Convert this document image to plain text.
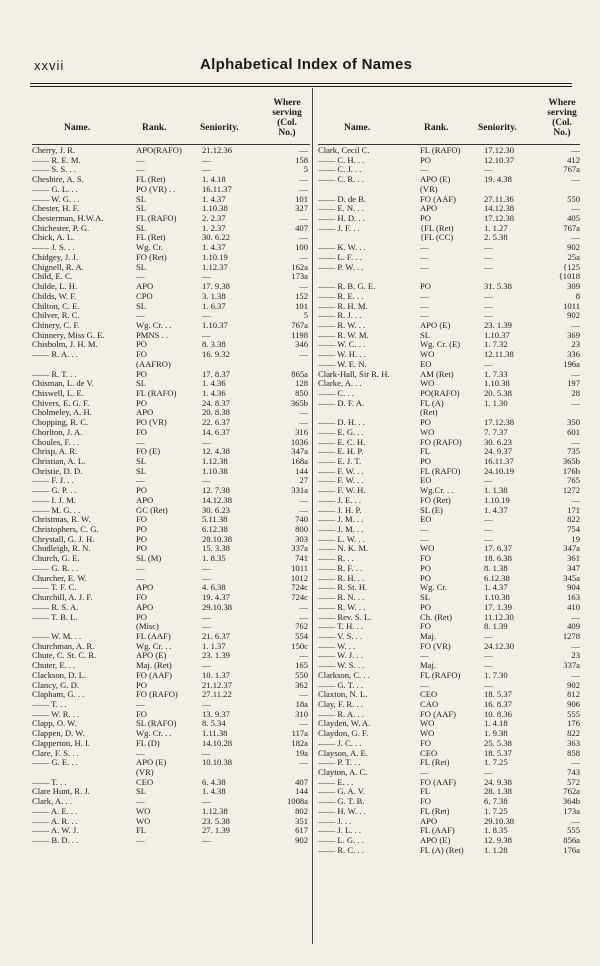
xxvii	Alphabetical Index of Names
Name.	Rank.	Seniority.
Where
serving
(Col.
No.)
Cherry, J. R.	APO(RAFO)	21.12.36	—
—— R. E. M.	—	—	158
—— S. S. . .	—	—	5
Cheshire, A. S.	FL (Ret)	1. 4.18	—
—— G. L. . .	PO (VR) . .	16.11.37	—
—— W. G. . .	SL	1. 4.37	101
Chester, H. F.	SL	1.10.38	327
Chesterman, H.W.A.	FL (RAFO)	2. 2.37	—
Chichester, P. G.	SL	1. 2.37	407
Chick, A. L.	FL (Ret)	30. 6.22	—
—— J. S. . .	Wg. Cr.	1. 4.37	100
Chidgey, J. J.	FO (Ret)	1.10.19	—
Chignell, R. A.	SL	1.12.37	162a
Child, E. C.	—	—	173a
Childe, L. H.	APO	17. 9.38	—
Childs, W. F.	CPO	3. 1.38	152
Chilton, C. E.	SL	1. 6.37	101
Chilver, R. C.	—	—	5
Chinery, C. F.	Wg. Cr. . .	1.10.37	767a
Chinnery, Miss G. E.	PMNS . .	—	1198
Chisholm, J. H. M.	PO	8. 3.38	346
—— R. A. . .	FO	16. 9.32	—
(AAFRO)
—— R. T. . .	PO	17. 8.37	865a
Chisman, L. de V.	SL	1. 4.36	128
Chiswell, L. E.	FL (RAFO)	1. 4.36	850
Chivers, E. G. F.	PO	24. 8.37	365b
Cholmeley, A. H.	APO	20. 8.38	—
Chopping, R. C.	PO (VR)	22. 6.37	—
Chorlton, J. A.	FO	14. 6.37	316
Choules, F. . .	—	—	1036
Chrisp, A. R.	FO (E)	12. 4.38	347a
Christian, A. L.	SL	1.12.38	168a
Christie, D. D.	SL	1.10.38	144
—— F. J. . .	—	—	27
—— G. P. . .	PO	12. 7.38	331a
—— I. J. M.	APO	14.12.38	—
—— M. G. . .	GC (Ret)	30. 6.23	—
Christmas, R. W.	FO	5.11.38	740
Christophers, C. G.	PO	6.12.38	800
Chrystall, G. J. H.	PO	28.10.38	303
Chudleigh, R. N.	PO	15. 3.38	337a
Church, G. E.	SL (M)	1. 8.35	741
—— G. R. . .	—	—	1011
Churcher, E. W.	—	—	1012
—— T. F. C.	APO	4. 6.38	724c
Churchill, A. J. F.	FO	19. 4.37	724c
—— R. S. A.	APO	29.10.38	—
—— T. B. L.	PO	—	—
(Misc)	—	762
—— W. M. . .	FL (AAF)	21. 6.37	554
Churchman, A. R.	Wg. Cr. . .	1. 1.37	150c
Chute, C. St. C. R.	APO (E)	23. 1.39	—
Chuter, E. . .	Maj. (Ret)	—	165
Clackson, D. L.	FO (AAF)	10. 1.37	550
Clancy, G. D.	PO	21.12.37	362
Clapham, G. . .	FO (RAFO)	27.11.22	—
—— T. . .	—	—	18a
—— W. R. . .	FO	13. 9.37	310
Clapp, O. W.	SL (RAFO)	8. 5.34	—
Clappen, D. W.	Wg. Cr. . .	1.11.38	117a
Clapperton, H. I.	FL (D)	14.10.28	182a
Clare, F. S. . .	—	—	19a
—— G. E. . .	APO (E)	10.10.38	—
(VR)
—— T. . .	CEO	6. 4.38	407
Clare Hunt, R. J.	SL	1. 4.38	144
Clark, A. . .	—	—	1008a
—— A. E. . .	WO	1.12.38	802
—— A. R. . .	WO	23. 5.38	351
—— A. W. J.	FL	27. 1.39	617
—— B. D. . .	—	—	902
Name.	Rank.	Seniority.
Where
serving
(Col.
No.)
Clark, Cecil C.	FL (RAFO)	17.12.30	—
—— C. H. . .	PO	12.10.37	412
—— C. J. . .	—	—	767a
—— C. R. . .	APO (E)	19. 4.38	—
(VR)
—— D. de B.	FO (AAF)	27.11.36	550
—— E. N. . .	APO	14.12.38	—
—— H. D. . .	PO	17.12.38	405
—— J. F. . .	{FL (Ret)	1. 1.27	767a
{FL (CC)	2. 5.38	—
—— K. W. . .	—	—	902
—— L. F. . .	—	—	25a
—— P. W. . .	—	—	{125
{1018
—— R. B. G. E.	PO	31. 5.38	309
—— R. E. . .	—	—	8
—— R. H. M.	—	—	1011
—— R. J. . .	—	—	902
—— R. W. . .	APO (E)	23. 1.39	—
—— R. W. M.	SL	1.10.37	369
—— W. C. . .	Wg. Cr. (E)	1. 7.32	23
—— W. H. . .	WO	12.11.38	336
—— W. E. N.	EO	—	196a
Clark-Hall, Sir R. H.	AM (Ret)	1. 7.33	—
Clarke, A. . .	WO	1.10.38	197
—— C. . .	PO(RAFO)	20. 5.38	28
—— D. F. A.	FL (A)	1. 1.30	—
(Ret)
—— D. H. . .	PO	17.12.38	350
—— E. G. . .	WO	7. 7.37	601
—— E. C. H.	FO (RAFO)	30. 6.23	—
—— E. H. P.	FL	24. 9.37	735
—— E. J. T.	PO	16.11.37	365b
—— F. W. . .	FL (RAFO)	24.10.19	176b
—— F. W. . .	EO	—	765
—— F. W. H.	Wg.Cr. . .	1. 1.38	1272
—— J. E. . .	FO (Ret)	1.10.19	—
—— J. H. P.	SL (E)	1. 4.37	171
—— J. M. . .	EO	—	822
—— J. M. . .	—	—	754
—— L. W. . .	—	—	19
—— N. K. M.	WO	17. 6.37	347a
—— R. . .	FO	18. 6.38	361
—— R. F. . .	PO	8. 1.38	347
—— R. H. . .	PO	6.12.38	345a
—— R. St. H.	Wg. Cr.	1. 4.37	904
—— R. N. . .	SL	1.10.38	163
—— R. W. . .	PO	17. 1.39	410
—— Rev. S. L.	Ch. (Ret)	11.12.30	—
—— T. H. . .	FO	8. 1.39	409
—— V. S. . .	Maj.	—	1278
—— W. . .	FO (VR)	24.12.30	—
—— W. J. . .	—	—	23
—— W. S. . .	Maj.	—	337a
Clarkson, C. . .	FL (RAFO)	1. 7.30	—
—— G. T. . .	—	—	902
Claxton, N. L.	CEO	18. 5.37	812
Clay, F. R. . .	CAO	16. 8.37	906
—— R. A. . .	FO (AAF)	10. 8.36	555
Clayden, W. A.	WO	1. 4.18	176
Claydon, G. F.	WO	1. 9.38	822
—— J. C. . .	FO	25. 5.38	363
Clayson, A. E.	CEO	18. 5.37	858
—— P. T. . .	FL (Ret)	1. 7.25	—
Clayton, A. C.	—	—	743
—— E. . .	FO (AAF)	24. 9.38	572
—— G. A. V.	FL	28. 1.38	762a
—— G. T. B.	FO	6. 7.38	364b
—— H. W. . .	FL (Ret)	1. 7.25	173a
—— J. . .	APO	29.10.38	—
—— J. L. . .	FL (AAF)	1. 8.35	555
—— L. G. . .	APO (E)	12. 9.38	856a
—— R. C. . .	FL (A) (Ret)	1. 1.28	176a
